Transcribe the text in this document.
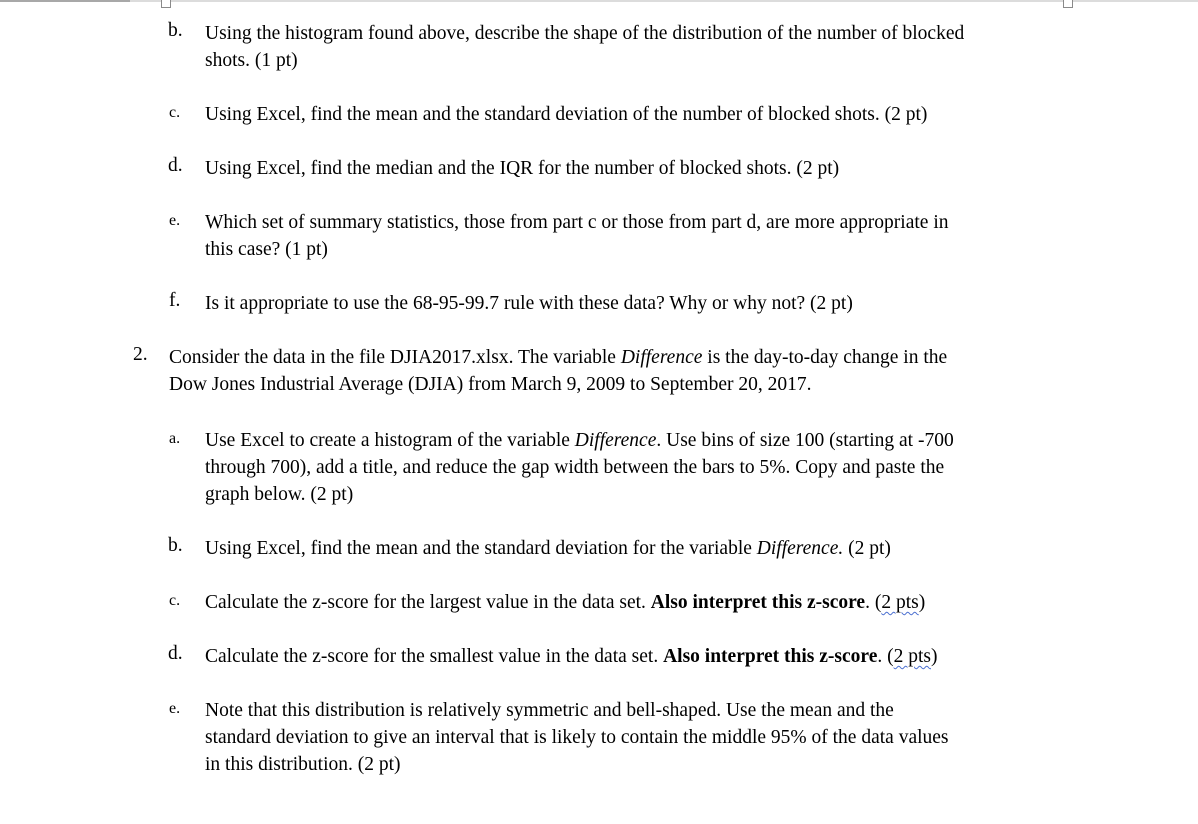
b. Using the histogram found above, describe the shape of the distribution of the number of blocked
shots. (1 pt)
c. Using Excel, find the mean and the standard deviation of the number of blocked shots. (2 pt)
d. Using Excel, find the median and the IQR for the number of blocked shots. (2 pt)
e. Which set of summary statistics, those from part c or those from part d, are more appropriate in
this case? (1 pt)
f. Is it appropriate to use the 68-95-99.7 rule with these data? Why or why not? (2 pt)
2. Consider the data in the file DJIA2017.xlsx. The variable Difference is the day-to-day change in the
Dow Jones Industrial Average (DJIA) from March 9, 2009 to September 20, 2017.
a. Use Excel to create a histogram of the variable Difference. Use bins of size 100 (starting at -700
through 700), add a title, and reduce the gap width between the bars to 5%. Copy and paste the
graph below. (2 pt)
b. Using Excel, find the mean and the standard deviation for the variable Difference. (2 pt)
c. Calculate the z-score for the largest value in the data set. Also interpret this z-score. (2 pts)
d. Calculate the z-score for the smallest value in the data set. Also interpret this z-score. (2 pts)
e. Note that this distribution is relatively symmetric and bell-shaped. Use the mean and the
standard deviation to give an interval that is likely to contain the middle 95% of the data values
in this distribution. (2 pt)
